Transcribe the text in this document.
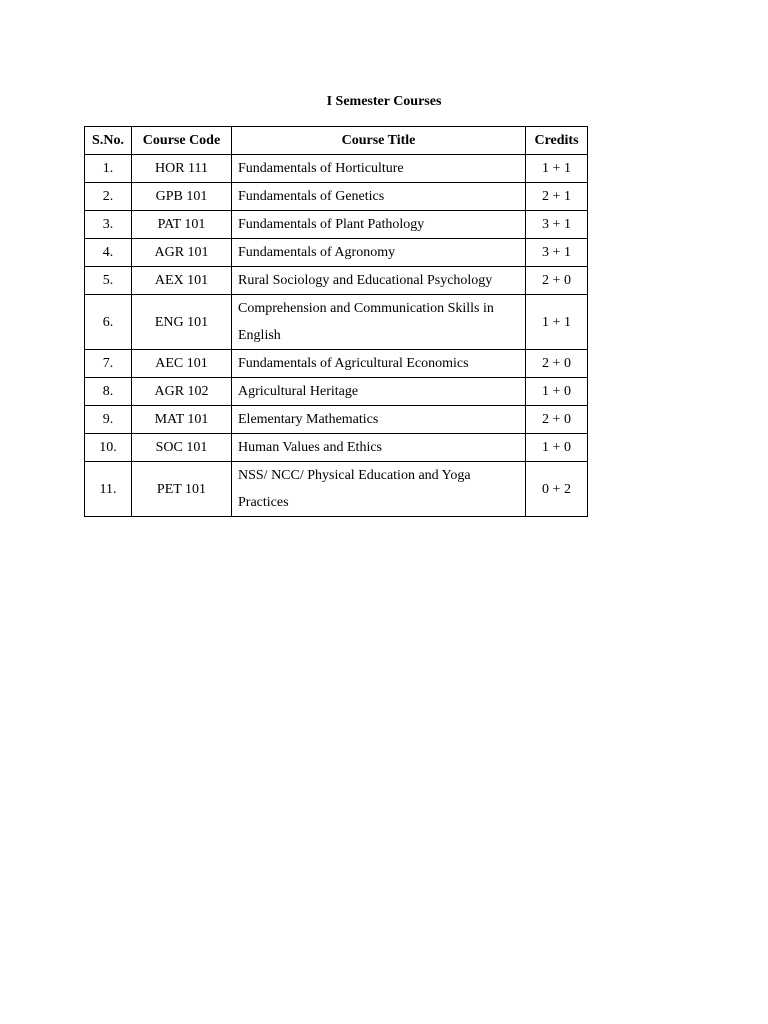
I Semester Courses
S.No.	Course Code	Course Title	Credits
1.	HOR 111	Fundamentals of Horticulture	1 + 1
2.	GPB 101	Fundamentals of Genetics	2 + 1
3.	PAT 101	Fundamentals of Plant Pathology	3 + 1
4.	AGR 101	Fundamentals of Agronomy	3 + 1
5.	AEX 101	Rural Sociology and Educational Psychology	2 + 0
6.	ENG 101	Comprehension and Communication Skills in English	1 + 1
7.	AEC 101	Fundamentals of Agricultural Economics	2 + 0
8.	AGR 102	Agricultural Heritage	1 + 0
9.	MAT 101	Elementary Mathematics	2 + 0
10.	SOC 101	Human Values and Ethics	1 + 0
11.	PET 101	NSS/ NCC/ Physical Education and Yoga Practices	0 + 2
